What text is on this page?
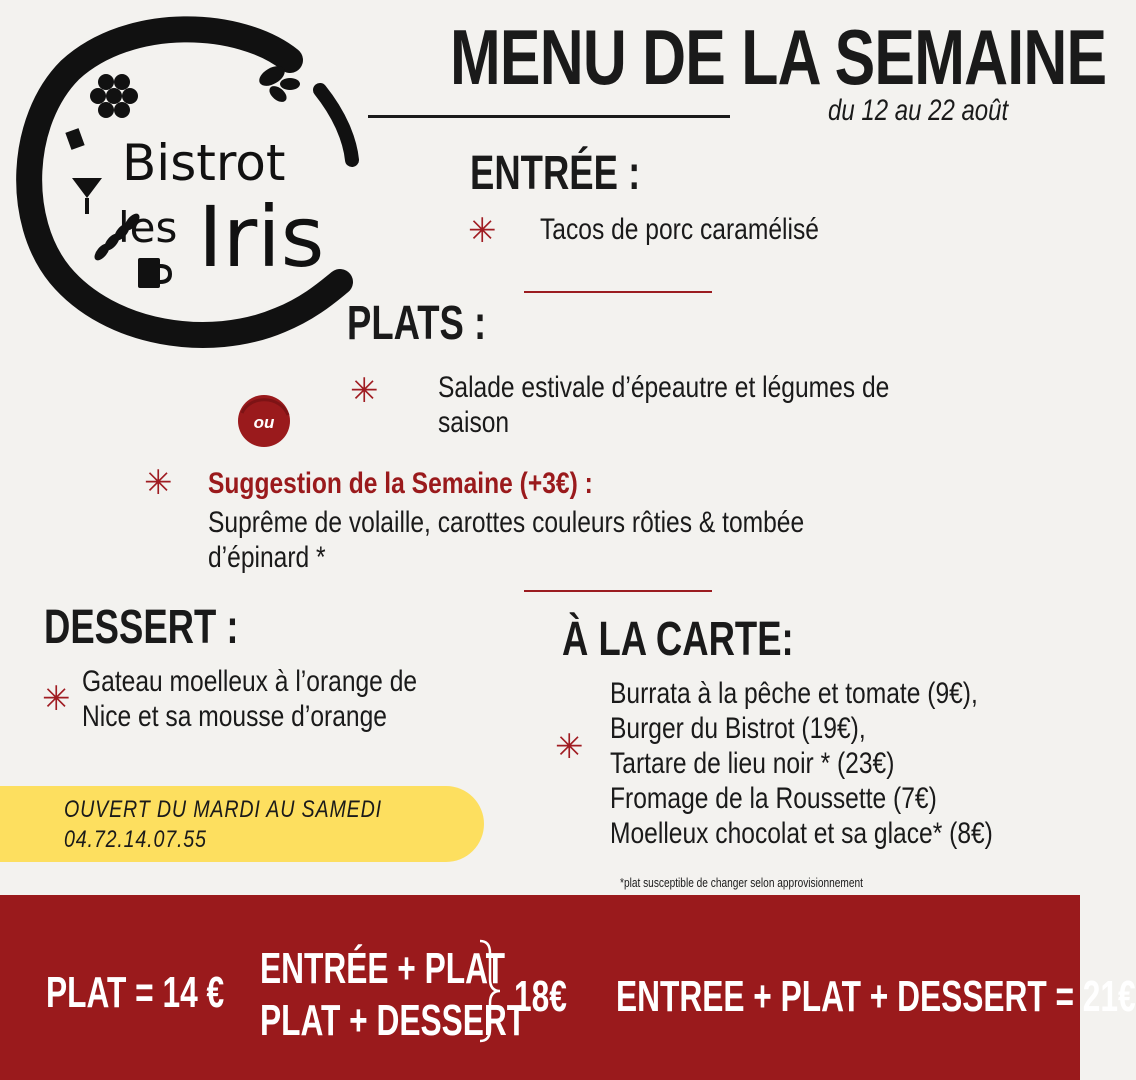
Bistrot
les Iris
MENU DE LA SEMAINE
du 12 au 22 août
ENTRÉE :
✳ Tacos de porc caramélisé
PLATS :
✳ Salade estivale d’épeautre et légumes de saison
ou
✳ Suggestion de la Semaine (+3€) :
Suprême de volaille, carottes couleurs rôties & tombée d’épinard *
DESSERT :
✳ Gateau moelleux à l’orange de Nice et sa mousse d’orange
À LA CARTE:
✳
Burrata à la pêche et tomate (9€),
Burger du Bistrot (19€),
Tartare de lieu noir * (23€)
Fromage de la Roussette (7€)
Moelleux chocolat et sa glace* (8€)
*plat susceptible de changer selon approvisionnement
OUVERT DU MARDI AU SAMEDI
04.72.14.07.55
PLAT = 14 € ENTRÉE + PLAT
PLAT + DESSERT
18€ ENTREE + PLAT + DESSERT = 21€
